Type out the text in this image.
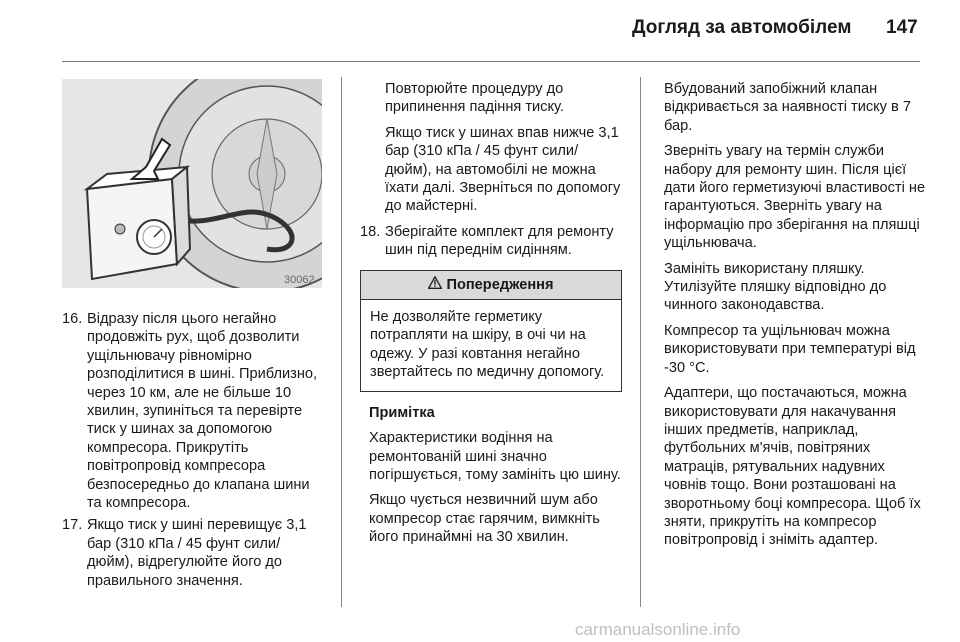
Догляд за автомобілем 147
30062
16. Відразу після цього негайно продовжіть рух, щоб дозволити ущільнювачу рівномірно розподілитися в шині. Приблизно, через 10 км, але не більше 10 хвилин, зупиніться та перевірте тиск у шинах за допомогою компресора. Прикрутіть повітропровід компресора безпосередньо до клапана шини та компресора.

17. Якщо тиск у шині перевищує 3,1 бар (310 кПа / 45 фунт сили/дюйм), відрегулюйте його до правильного значення.

Повторюйте процедуру до припинення падіння тиску.

Якщо тиск у шинах впав нижче 3,1 бар (310 кПа / 45 фунт сили/дюйм), на автомобілі не можна їхати далі. Зверніться по допомогу до майстерні.

18. Зберігайте комплект для ремонту шин під переднім сидінням.

Попередження
Не дозволяйте герметику потрапляти на шкіру, в очі чи на одежу. У разі ковтання негайно звертайтесь по медичну допомогу.

Примітка

Характеристики водіння на ремонтованій шині значно погіршується, тому замініть цю шину.

Якщо чується незвичний шум або компресор стає гарячим, вимкніть його принаймні на 30 хвилин.

Вбудований запобіжний клапан відкривається за наявності тиску в 7 бар.

Зверніть увагу на термін служби набору для ремонту шин. Після цієї дати його герметизуючі властивості не гарантуються. Зверніть увагу на інформацію про зберігання на пляшці ущільнювача.

Замініть використану пляшку. Утилізуйте пляшку відповідно до чинного законодавства.

Компресор та ущільнювач можна використовувати при температурі від -30 °C.

Адаптери, що постачаються, можна використовувати для накачування інших предметів, наприклад, футбольних м'ячів, повітряних матраців, рятувальних надувних човнів тощо. Вони розташовані на зворотньому боці компресора. Щоб їх зняти, прикрутіть на компресор повітропровід і зніміть адаптер.

carmanualsonline.info
